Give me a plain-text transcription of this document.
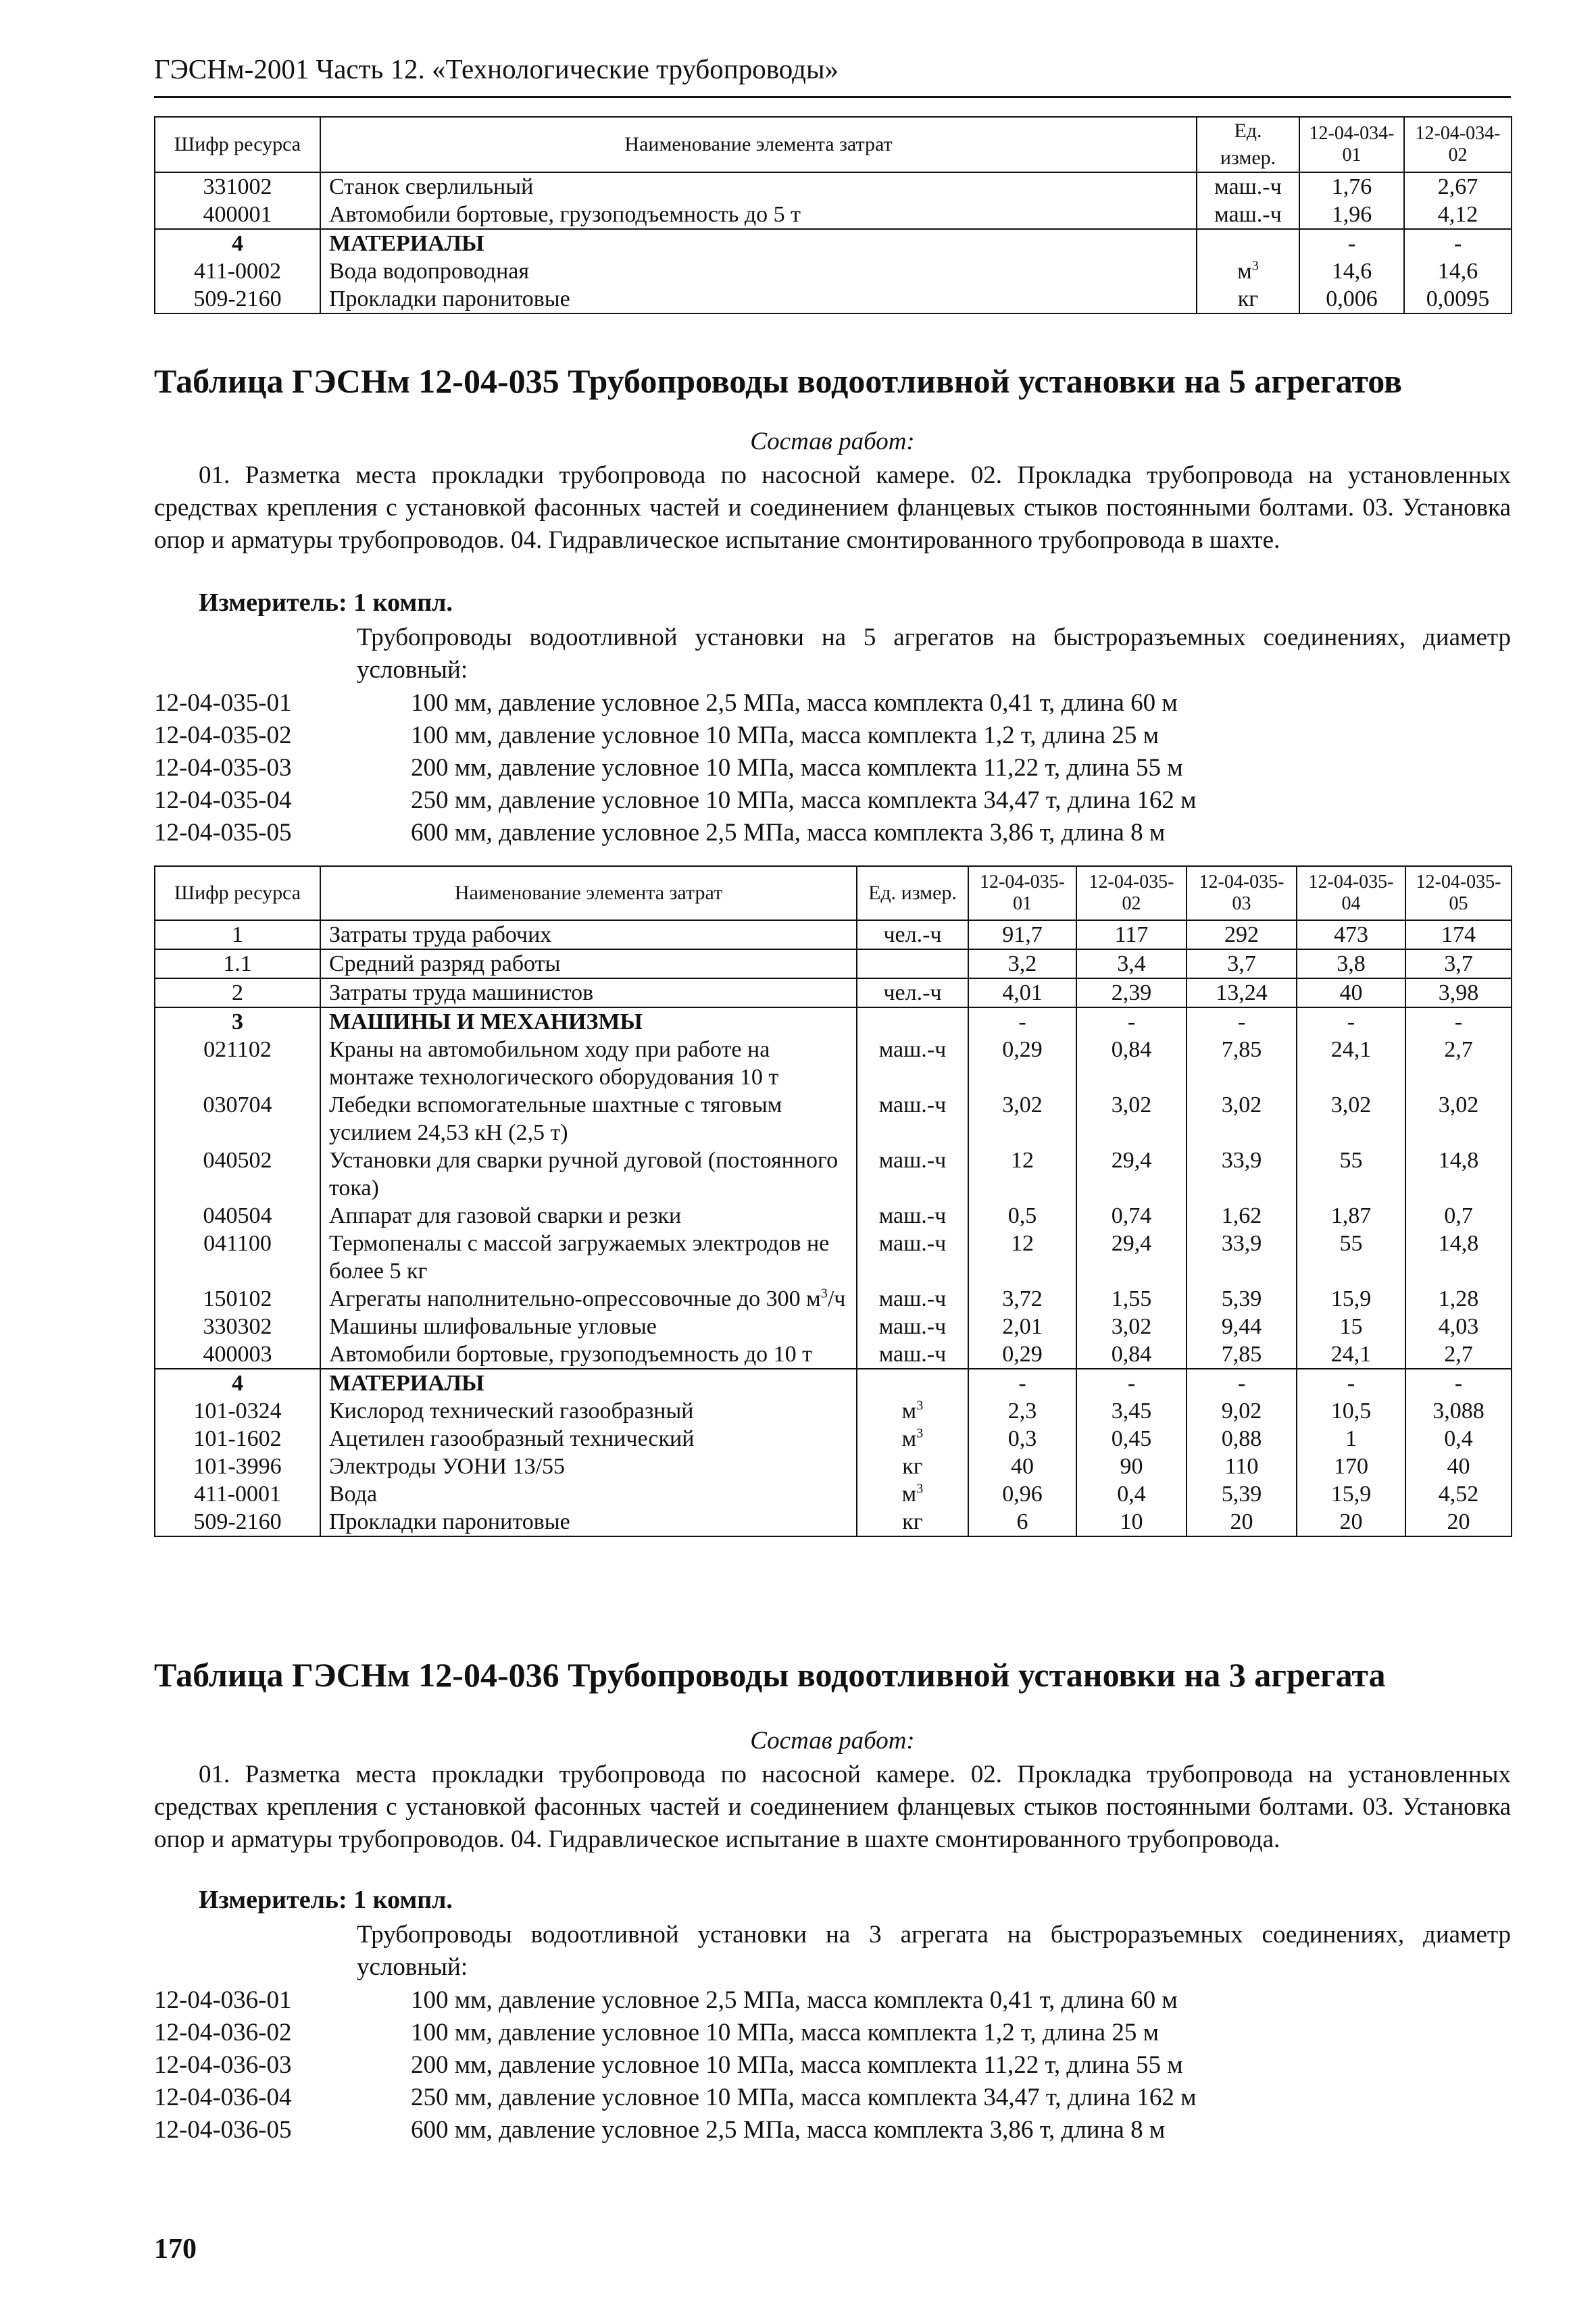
ГЭСНм-2001 Часть 12. «Технологические трубопроводы»
Шифр ресурса	Наименование элемента затрат	Ед. измер.	12-04-034-01	12-04-034-02
331002	Станок сверлильный	маш.-ч	1,76	2,67
400001	Автомобили бортовые, грузоподъемность до 5 т	маш.-ч	1,96	4,12
4	МАТЕРИАЛЫ		-	-
411-0002	Вода водопроводная	$м^3$	14,6	14,6
509-2160	Прокладки паронитовые	кг	0,006	0,0095
Таблица ГЭСНм 12-04-035 Трубопроводы водоотливной установки на 5 агрегатов
Состав работ:

01. Разметка места прокладки трубопровода по насосной камере. 02. Прокладка трубопровода на установленных средствах крепления с установкой фасонных частей и соединением фланцевых стыков постоянными болтами. 03. Установка опор и арматуры трубопроводов. 04. Гидравлическое испытание смонтированного трубопровода в шахте.

Измеритель: 1 компл.

Трубопроводы водоотливной установки на 5 агрегатов на быстроразъемных соединениях, диаметр условный:

12-04-035-01	100 мм, давление условное 2,5 МПа, масса комплекта 0,41 т, длина 60 м
12-04-035-02	100 мм, давление условное 10 МПа, масса комплекта 1,2 т, длина 25 м
12-04-035-03	200 мм, давление условное 10 МПа, масса комплекта 11,22 т, длина 55 м
12-04-035-04	250 мм, давление условное 10 МПа, масса комплекта 34,47 т, длина 162 м
12-04-035-05	600 мм, давление условное 2,5 МПа, масса комплекта 3,86 т, длина 8 м
Шифр ресурса	Наименование элемента затрат	Ед. измер.	12-04-035-01	12-04-035-02	12-04-035-03	12-04-035-04	12-04-035-05
1	Затраты труда рабочих	чел.-ч	91,7	117	292	473	174
1.1	Средний разряд работы		3,2	3,4	3,7	3,8	3,7
2	Затраты труда машинистов	чел.-ч	4,01	2,39	13,24	40	3,98
3	МАШИНЫ И МЕХАНИЗМЫ		-	-	-	-	-
021102	Краны на автомобильном ходу при работе на монтаже технологического оборудования 10 т	маш.-ч	0,29	0,84	7,85	24,1	2,7
030704	Лебедки вспомогательные шахтные с тяговым усилием 24,53 кН (2,5 т)	маш.-ч	3,02	3,02	3,02	3,02	3,02
040502	Установки для сварки ручной дуговой (постоянного тока)	маш.-ч	12	29,4	33,9	55	14,8
040504	Аппарат для газовой сварки и резки	маш.-ч	0,5	0,74	1,62	1,87	0,7
041100	Термопеналы с массой загружаемых электродов не более 5 кг	маш.-ч	12	29,4	33,9	55	14,8
150102	Агрегаты наполнительно-опрессовочные до 300 $м^3/ч$	маш.-ч	3,72	1,55	5,39	15,9	1,28
330302	Машины шлифовальные угловые	маш.-ч	2,01	3,02	9,44	15	4,03
400003	Автомобили бортовые, грузоподъемность до 10 т	маш.-ч	0,29	0,84	7,85	24,1	2,7
4	МАТЕРИАЛЫ		-	-	-	-	-
101-0324	Кислород технический газообразный	$м^3$	2,3	3,45	9,02	10,5	3,088
101-1602	Ацетилен газообразный технический	$м^3$	0,3	0,45	0,88	1	0,4
101-3996	Электроды УОНИ 13/55	кг	40	90	110	170	40
411-0001	Вода	$м^3$	0,96	0,4	5,39	15,9	4,52
509-2160	Прокладки паронитовые	кг	6	10	20	20	20
Таблица ГЭСНм 12-04-036 Трубопроводы водоотливной установки на 3 агрегата
Состав работ:

01. Разметка места прокладки трубопровода по насосной камере. 02. Прокладка трубопровода на установленных средствах крепления с установкой фасонных частей и соединением фланцевых стыков постоянными болтами. 03. Установка опор и арматуры трубопроводов. 04. Гидравлическое испытание в шахте смонтированного трубопровода.

Измеритель: 1 компл.

Трубопроводы водоотливной установки на 3 агрегата на быстроразъемных соединениях, диаметр условный:

12-04-036-01	100 мм, давление условное 2,5 МПа, масса комплекта 0,41 т, длина 60 м
12-04-036-02	100 мм, давление условное 10 МПа, масса комплекта 1,2 т, длина 25 м
12-04-036-03	200 мм, давление условное 10 МПа, масса комплекта 11,22 т, длина 55 м
12-04-036-04	250 мм, давление условное 10 МПа, масса комплекта 34,47 т, длина 162 м
12-04-036-05	600 мм, давление условное 2,5 МПа, масса комплекта 3,86 т, длина 8 м
170
